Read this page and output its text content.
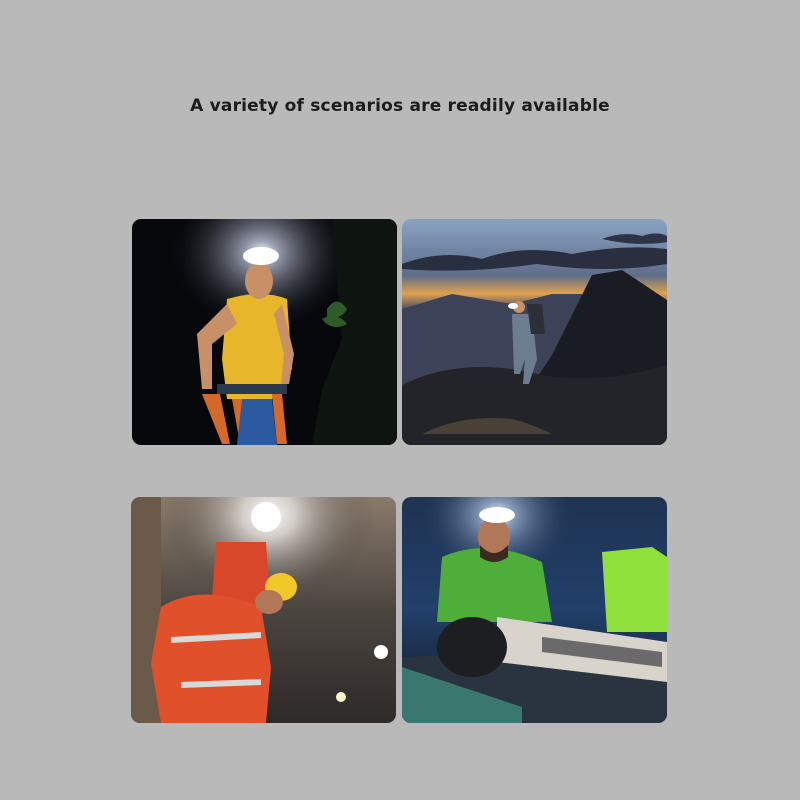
A variety of scenarios are readily available
